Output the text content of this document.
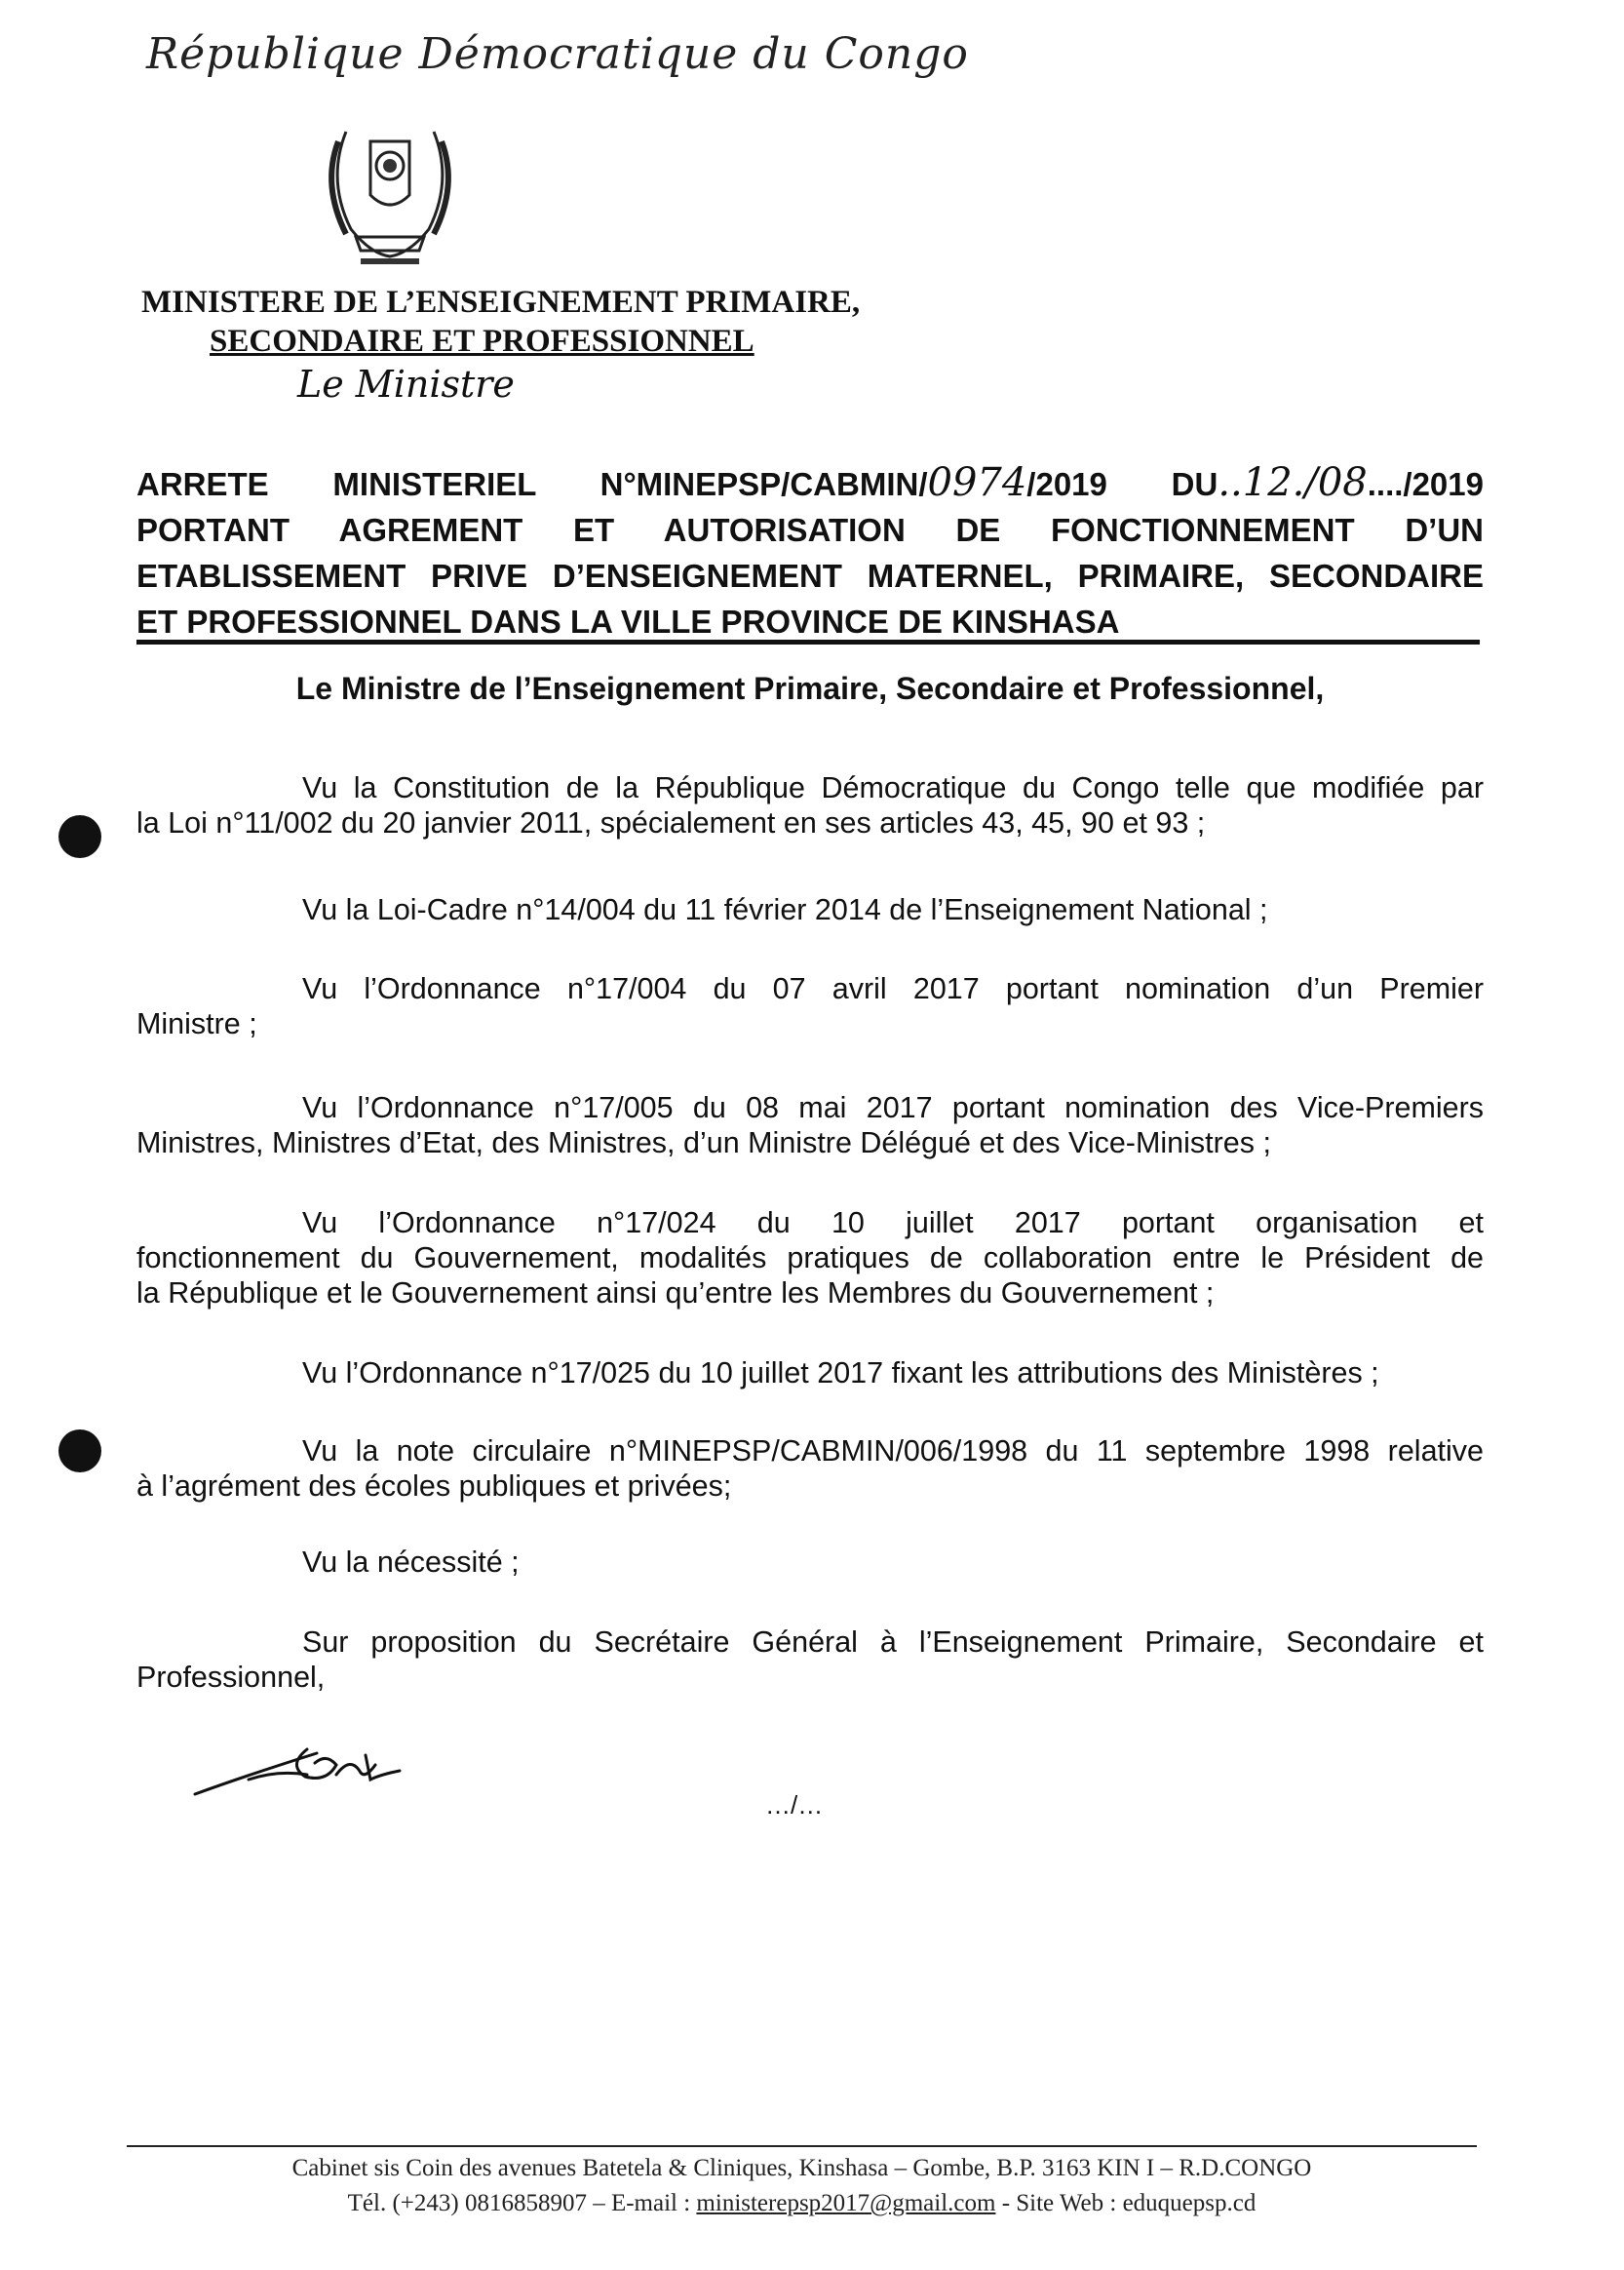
République Démocratique du Congo
MINISTERE DE L’ENSEIGNEMENT PRIMAIRE,
SECONDAIRE ET PROFESSIONNEL
Le Ministre
ARRETE MINISTERIEL N°MINEPSP/CABMIN/0974/2019 DU..12./08..../2019
PORTANT AGREMENT ET AUTORISATION DE FONCTIONNEMENT D’UN
ETABLISSEMENT PRIVE D’ENSEIGNEMENT MATERNEL, PRIMAIRE, SECONDAIRE
ET PROFESSIONNEL DANS LA VILLE PROVINCE DE KINSHASA
Le Ministre de l’Enseignement Primaire, Secondaire et Professionnel,
Vu la Constitution de la République Démocratique du Congo telle que modifiée par
la Loi n°11/002 du 20 janvier 2011, spécialement en ses articles 43, 45, 90 et 93 ;
Vu la Loi-Cadre n°14/004 du 11 février 2014 de l’Enseignement National ;
Vu l’Ordonnance n°17/004 du 07 avril 2017 portant nomination d’un Premier
Ministre ;
Vu l’Ordonnance n°17/005 du 08 mai 2017 portant nomination des Vice-Premiers
Ministres, Ministres d’Etat, des Ministres, d’un Ministre Délégué et des Vice-Ministres ;
Vu l’Ordonnance n°17/024 du 10 juillet 2017 portant organisation et
fonctionnement du Gouvernement, modalités pratiques de collaboration entre le Président de
la République et le Gouvernement ainsi qu’entre les Membres du Gouvernement ;
Vu l’Ordonnance n°17/025 du 10 juillet 2017 fixant les attributions des Ministères ;
Vu la note circulaire n°MINEPSP/CABMIN/006/1998 du 11 septembre 1998 relative
à l’agrément des écoles publiques et privées;
Vu la nécessité ;
Sur proposition du Secrétaire Général à l’Enseignement Primaire, Secondaire et
Professionnel,
…/…
Cabinet sis Coin des avenues Batetela & Cliniques, Kinshasa – Gombe, B.P. 3163 KIN I – R.D.CONGO
Tél. (+243) 0816858907 – E-mail : ministerepsp2017@gmail.com - Site Web : eduquepsp.cd
